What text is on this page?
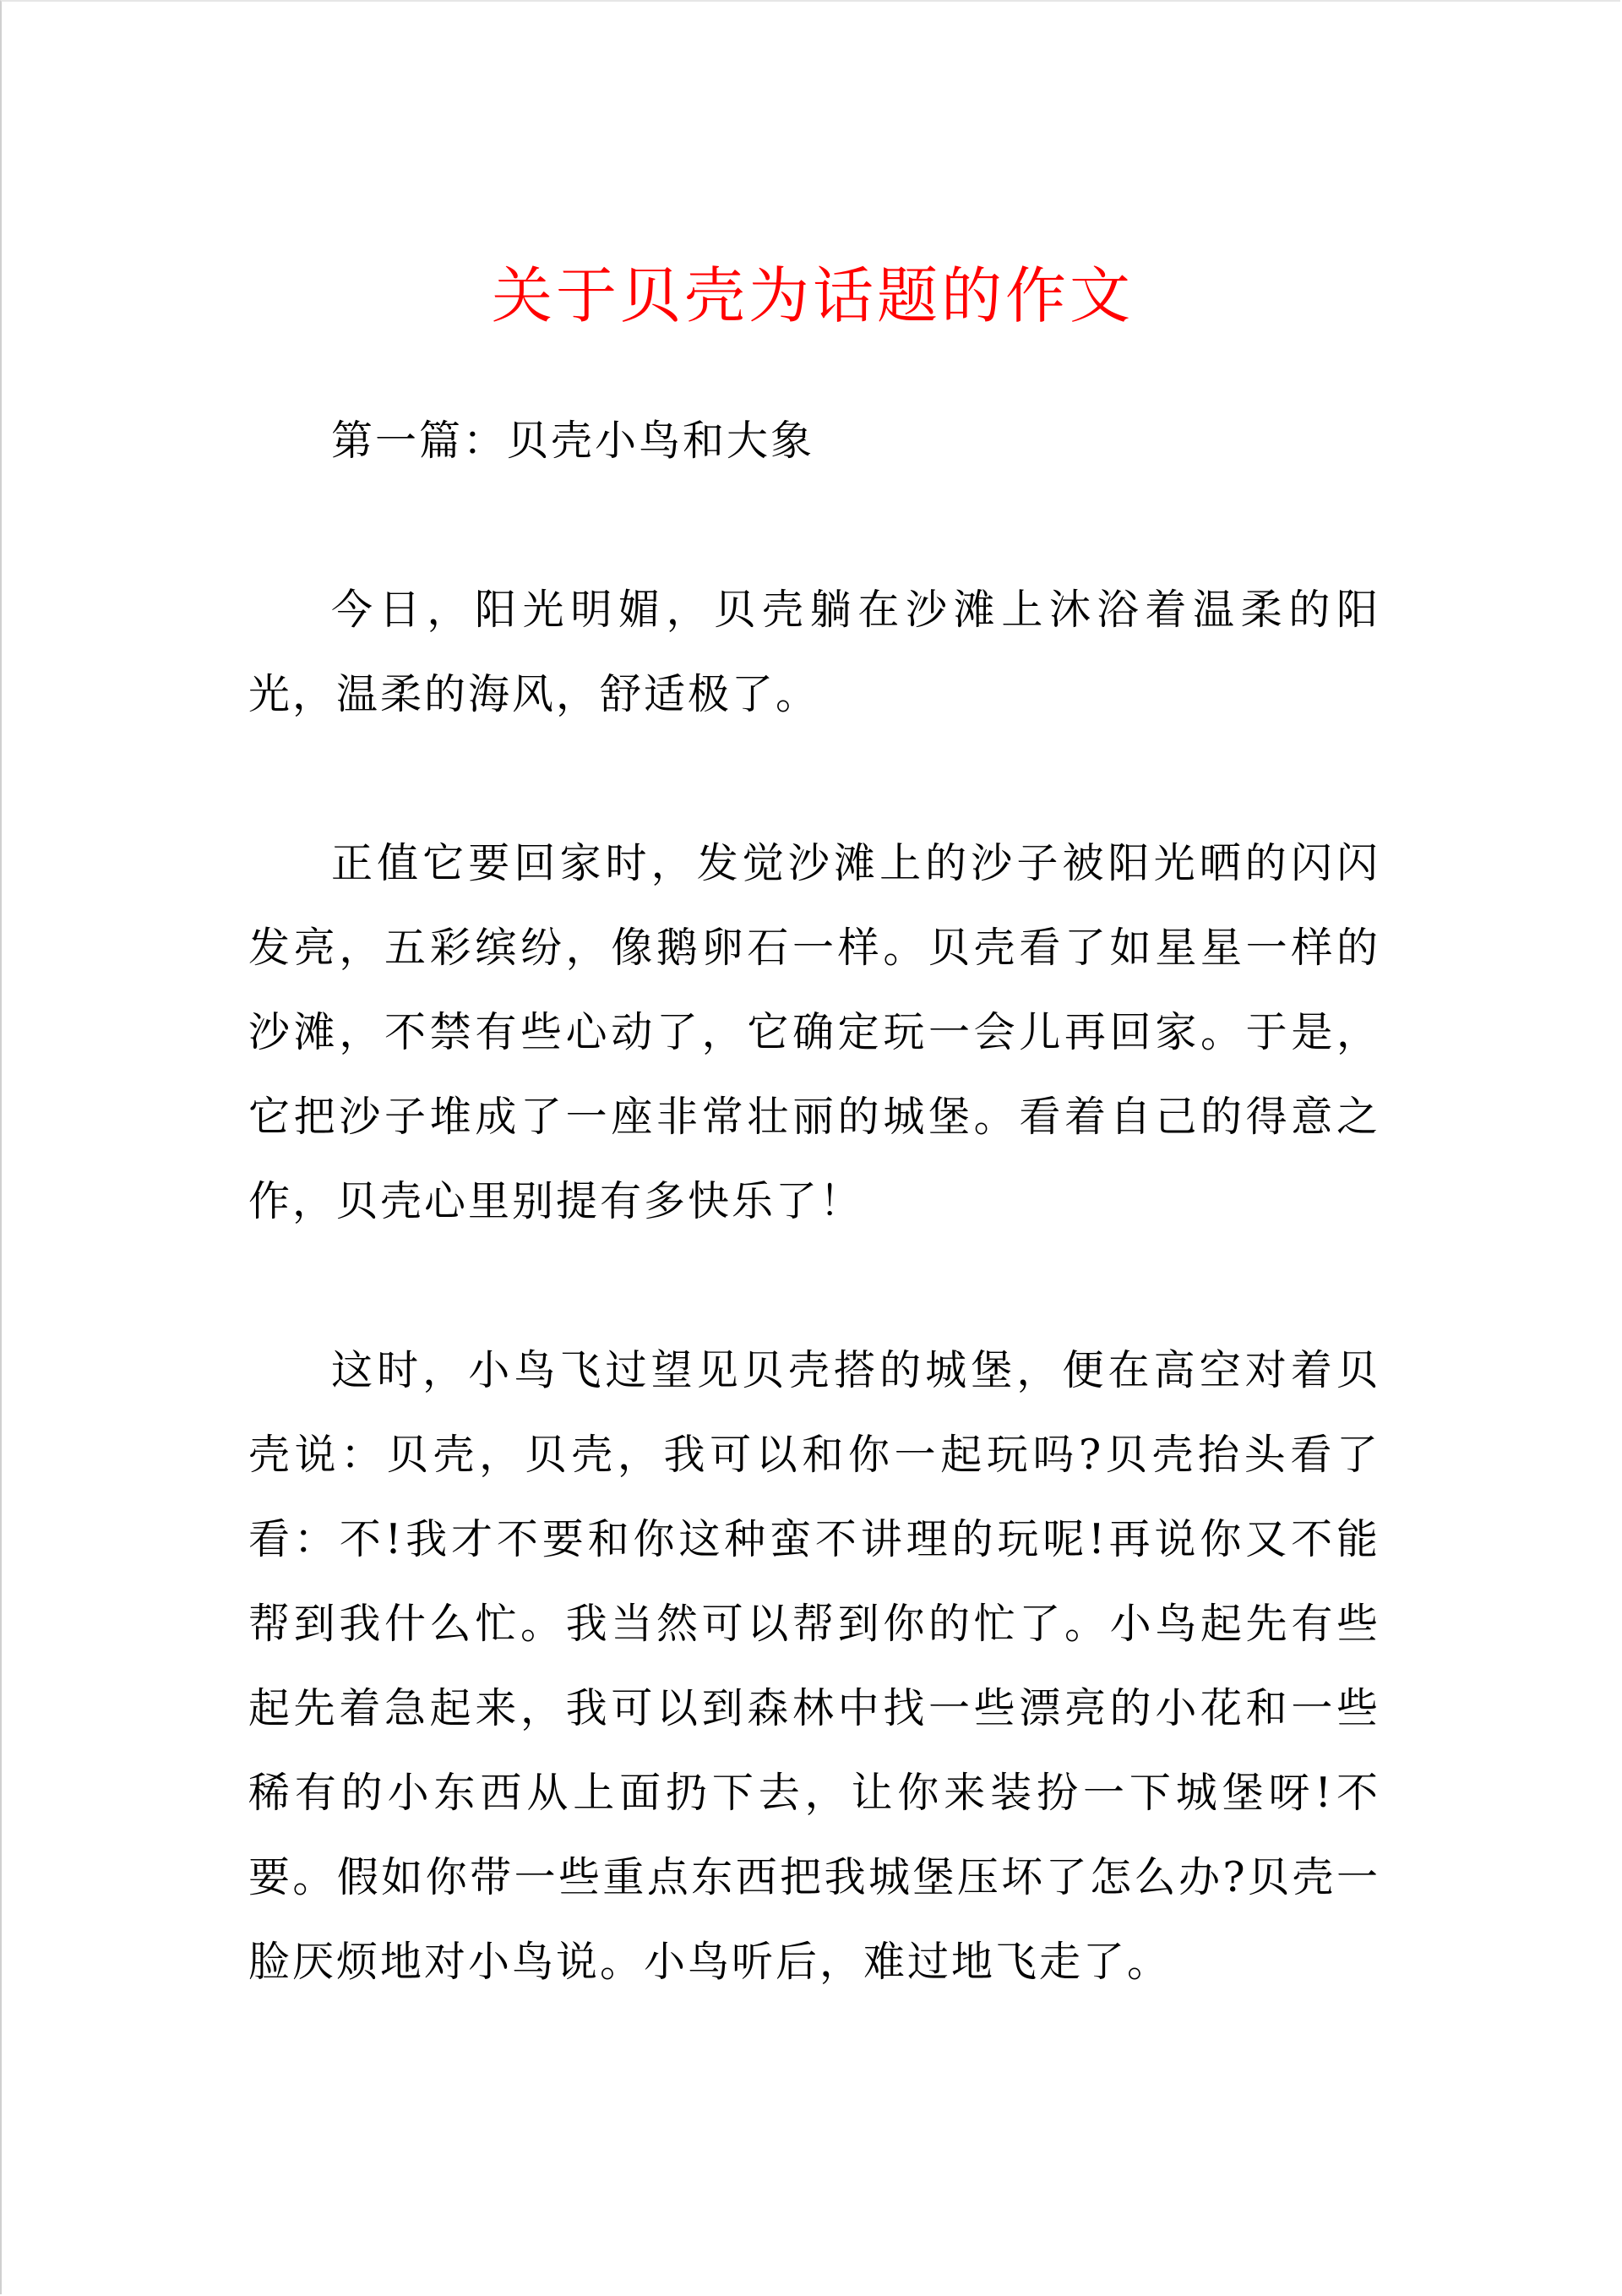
关于贝壳为话题的作文

第一篇：贝壳小鸟和大象

今日，阳光明媚，贝壳躺在沙滩上沐浴着温柔的阳光，温柔的海风，舒适极了。

正值它要回家时，发觉沙滩上的沙子被阳光晒的闪闪发亮，五彩缤纷，像鹅卵石一样。贝壳看了如星星一样的沙滩，不禁有些心动了，它确定玩一会儿再回家。于是，它把沙子堆成了一座非常壮丽的城堡。看着自己的得意之作，贝壳心里别提有多快乐了！

这时，小鸟飞过望见贝壳搭的城堡，便在高空对着贝壳说：贝壳，贝壳，我可以和你一起玩吗?贝壳抬头看了看：不!我才不要和你这种蛮不讲理的玩呢!再说你又不能帮到我什么忙。我当然可以帮到你的忙了。小鸟起先有些起先着急起来，我可以到森林中找一些漂亮的小花和一些稀有的小东西从上面扔下去，让你来装扮一下城堡呀!不要。假如你带一些重点东西把我城堡压坏了怎么办?贝壳一脸厌烦地对小鸟说。小鸟听后，难过地飞走了。
